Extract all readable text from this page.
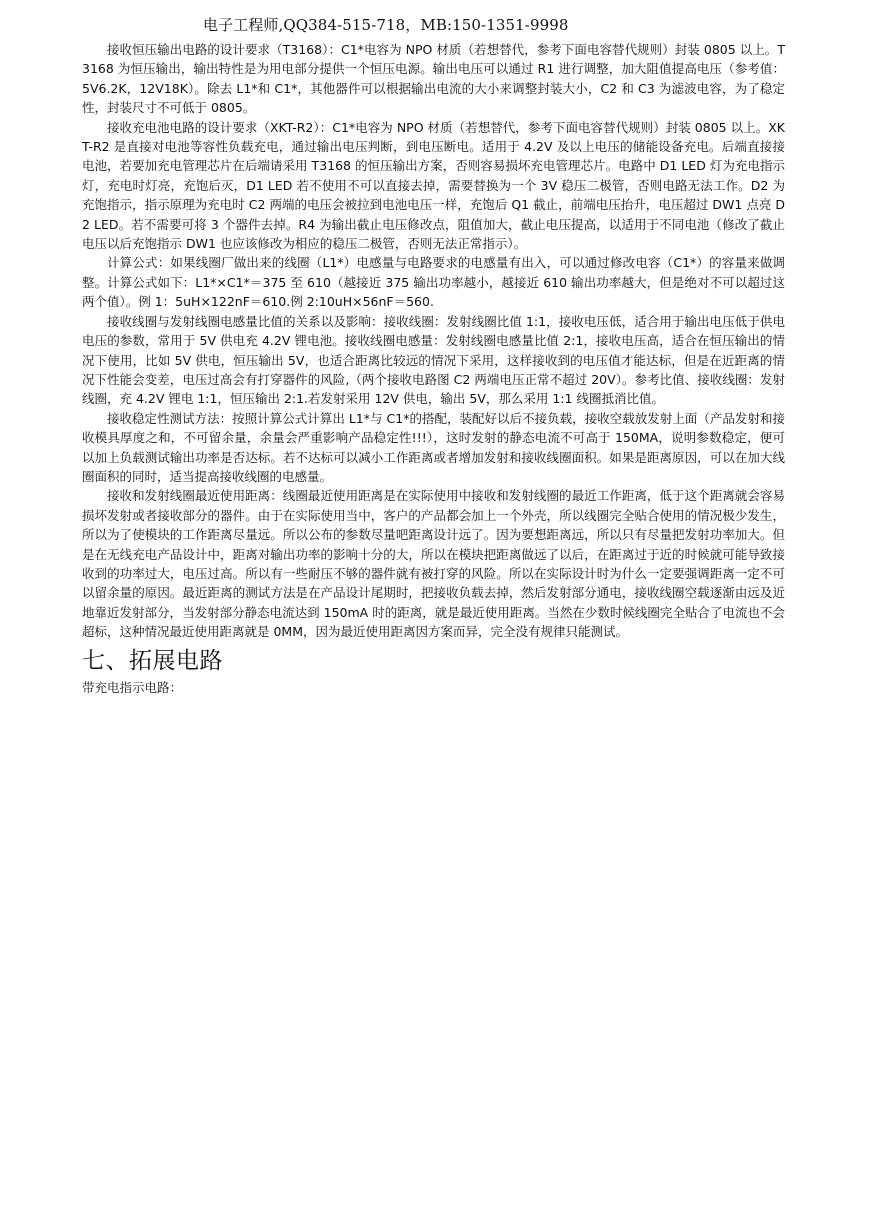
电子工程师,QQ384-515-718，MB:150-1351-9998

接收恒压输出电路的设计要求（T3168）：C1*电容为 NPO 材质（若想替代，参考下面电容替代规则）封装 0805 以上。T3168 为恒压输出，输出特性是为用电部分提供一个恒压电源。输出电压可以通过 R1 进行调整，加大阻值提高电压（参考值：5V6.2K，12V18K）。除去 L1*和 C1*，其他器件可以根据输出电流的大小来调整封装大小，C2 和 C3 为滤波电容，为了稳定性，封装尺寸不可低于 0805。

接收充电池电路的设计要求（XKT-R2）：C1*电容为 NPO 材质（若想替代，参考下面电容替代规则）封装 0805 以上。XKT-R2 是直接对电池等容性负载充电，通过输出电压判断，到电压断电。适用于 4.2V 及以上电压的储能设备充电。后端直接接电池，若要加充电管理芯片在后端请采用 T3168 的恒压输出方案，否则容易损坏充电管理芯片。电路中 D1 LED 灯为充电指示灯，充电时灯亮，充饱后灭，D1 LED 若不使用不可以直接去掉，需要替换为一个 3V 稳压二极管，否则电路无法工作。D2 为充饱指示，指示原理为充电时 C2 两端的电压会被拉到电池电压一样，充饱后 Q1 截止，前端电压抬升，电压超过 DW1 点亮 D2 LED。若不需要可将 3 个器件去掉。R4 为输出截止电压修改点，阻值加大，截止电压提高，以适用于不同电池（修改了截止电压以后充饱指示 DW1 也应该修改为相应的稳压二极管，否则无法正常指示）。

计算公式：如果线圈厂做出来的线圈（L1*）电感量与电路要求的电感量有出入，可以通过修改电容（C1*）的容量来做调整。计算公式如下：L1*×C1*＝375 至 610（越接近 375 输出功率越小，越接近 610 输出功率越大，但是绝对不可以超过这两个值）。例 1：5uH×122nF＝610.例 2:10uH×56nF＝560.

接收线圈与发射线圈电感量比值的关系以及影响：接收线圈：发射线圈比值 1:1，接收电压低，适合用于输出电压低于供电电压的参数，常用于 5V 供电充 4.2V 锂电池。接收线圈电感量：发射线圈电感量比值 2:1，接收电压高，适合在恒压输出的情况下使用，比如 5V 供电，恒压输出 5V，也适合距离比较远的情况下采用，这样接收到的电压值才能达标，但是在近距离的情况下性能会变差，电压过高会有打穿器件的风险,（两个接收电路图 C2 两端电压正常不超过 20V）。参考比值、接收线圈：发射线圈，充 4.2V 锂电 1:1，恒压输出 2:1.若发射采用 12V 供电，输出 5V，那么采用 1:1 线圈抵消比值。

接收稳定性测试方法：按照计算公式计算出 L1*与 C1*的搭配，装配好以后不接负载，接收空载放发射上面（产品发射和接收模具厚度之和，不可留余量，余量会严重影响产品稳定性!!!），这时发射的静态电流不可高于 150MA，说明参数稳定，便可以加上负载测试输出功率是否达标。若不达标可以减小工作距离或者增加发射和接收线圈面积。如果是距离原因，可以在加大线圈面积的同时，适当提高接收线圈的电感量。

接收和发射线圈最近使用距离：线圈最近使用距离是在实际使用中接收和发射线圈的最近工作距离，低于这个距离就会容易损坏发射或者接收部分的器件。由于在实际使用当中，客户的产品都会加上一个外壳，所以线圈完全贴合使用的情况极少发生，所以为了使模块的工作距离尽量远。所以公布的参数尽量吧距离设计远了。因为要想距离远，所以只有尽量把发射功率加大。但是在无线充电产品设计中，距离对输出功率的影响十分的大，所以在模块把距离做远了以后，在距离过于近的时候就可能导致接收到的功率过大，电压过高。所以有一些耐压不够的器件就有被打穿的风险。所以在实际设计时为什么一定要强调距离一定不可以留余量的原因。最近距离的测试方法是在产品设计尾期时，把接收负载去掉，然后发射部分通电，接收线圈空载逐渐由远及近地靠近发射部分，当发射部分静态电流达到 150mA 时的距离，就是最近使用距离。当然在少数时候线圈完全贴合了电流也不会超标，这种情况最近使用距离就是 0MM，因为最近使用距离因方案而异，完全没有规律只能测试。

七、拓展电路

带充电指示电路：
